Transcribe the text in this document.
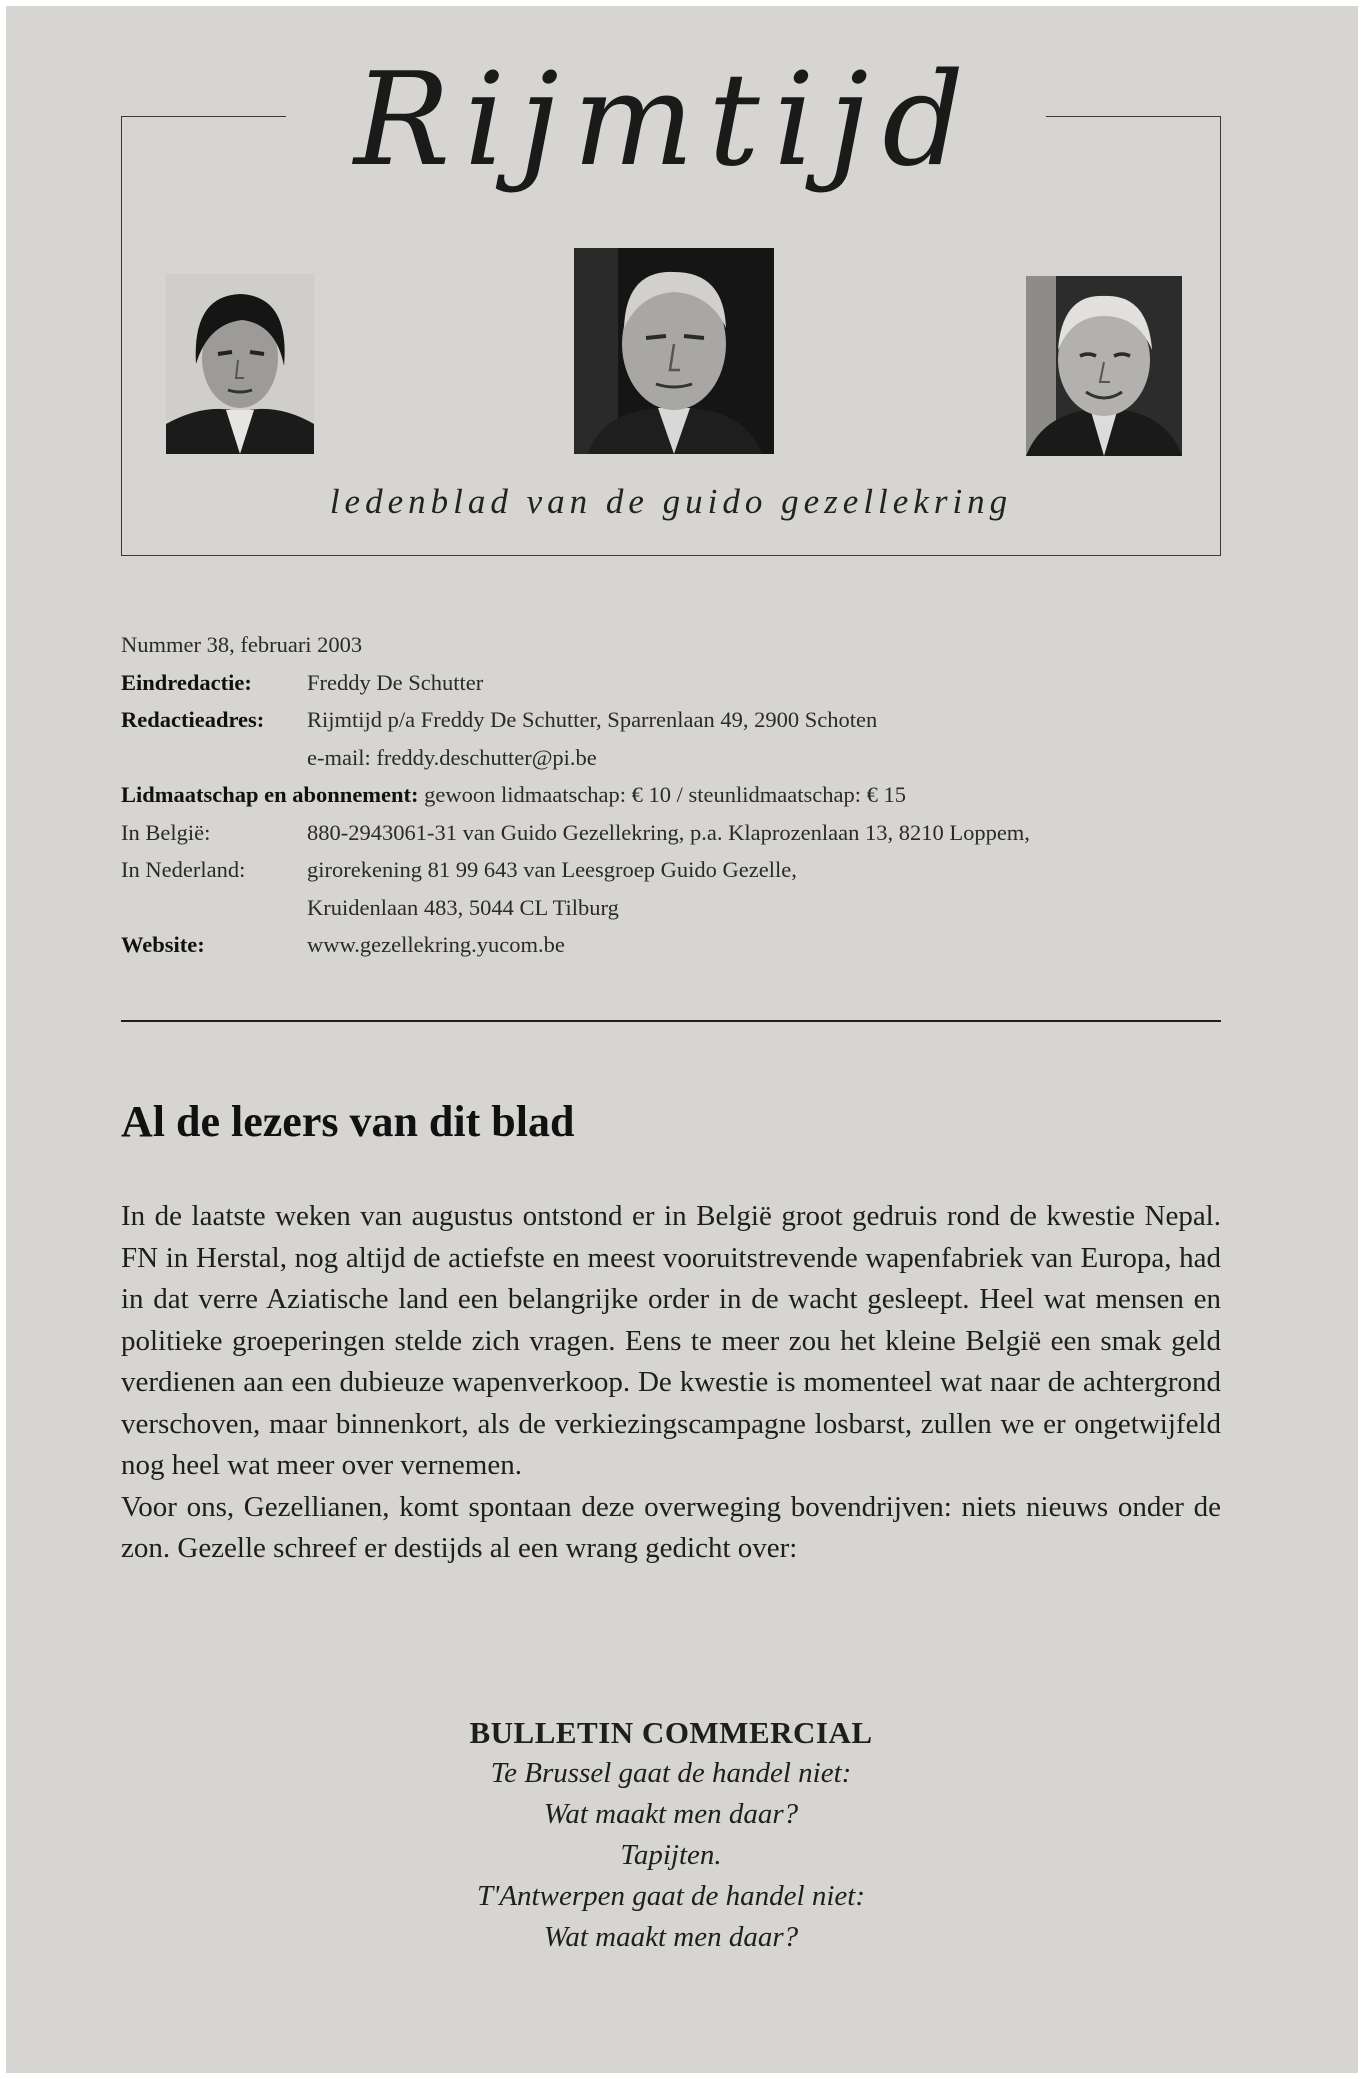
Rijmtijd
ledenblad van de guido gezellekring
Nummer 38, februari 2003
Eindredactie:	Freddy De Schutter
Redactieadres:	Rijmtijd p/a Freddy De Schutter, Sparrenlaan 49, 2900 Schoten
e-mail: freddy.deschutter@pi.be
Lidmaatschap en abonnement:
gewoon lidmaatschap: € 10 / steunlidmaatschap: € 15
In België:	880-2943061-31 van Guido Gezellekring, p.a. Klaprozenlaan 13, 8210 Loppem,
In Nederland:	girorekening 81 99 643 van Leesgroep Guido Gezelle,
Kruidenlaan 483, 5044 CL Tilburg
Website:	www.gezellekring.yucom.be
Al de lezers van dit blad

In de laatste weken van augustus ontstond er in België groot gedruis rond de kwestie Nepal. FN in Herstal, nog altijd de actiefste en meest vooruitstrevende wapenfabriek van Europa, had in dat verre Aziatische land een belangrijke order in de wacht gesleept. Heel wat mensen en politieke groeperingen stelde zich vragen. Eens te meer zou het kleine België een smak geld verdienen aan een dubieuze wapenverkoop. De kwestie is momenteel wat naar de achtergrond verschoven, maar binnenkort, als de verkiezingscampagne losbarst, zullen we er ongetwijfeld nog heel wat meer over vernemen.

Voor ons, Gezellianen, komt spontaan deze overweging bovendrijven: niets nieuws onder de zon. Gezelle schreef er destijds al een wrang gedicht over:

BULLETIN COMMERCIAL
Te Brussel gaat de handel niet:
Wat maakt men daar?
Tapijten.
T'Antwerpen gaat de handel niet:
Wat maakt men daar?
